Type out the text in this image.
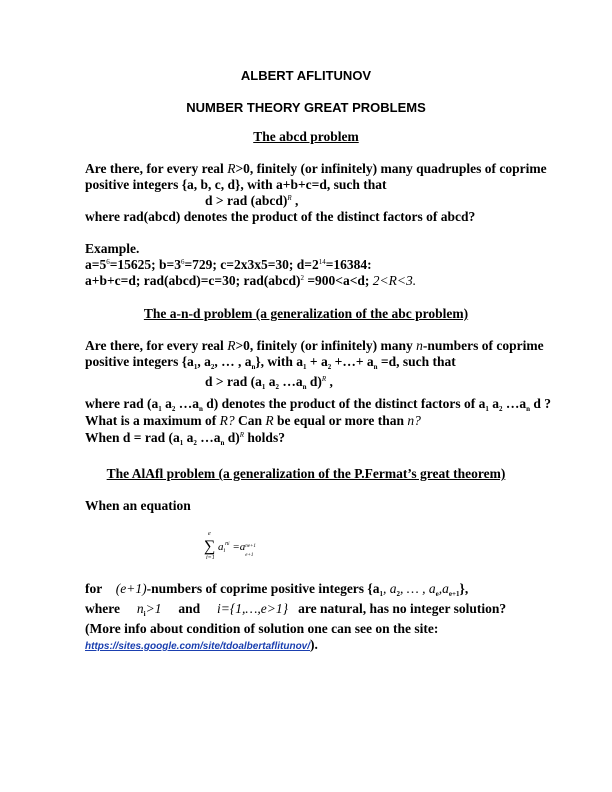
ALBERT AFLITUNOV
NUMBER THEORY GREAT PROBLEMS
The abcd problem
Are there, for every real R>0, finitely (or infinitely) many quadruples of coprime
positive integers {a, b, c, d}, with a+b+c=d, such that
d > rad (abcd)$^R$ ,
where rad(abcd) denotes the product of the distinct factors of abcd?
Example.
$a=5^6=15625$; $b=3^6=729$; c=2x3x5=30; $d=2^{14}=16384$:
a+b+c=d; rad(abcd)=c=30; rad(abcd)$^2$ =900<a<d; 2<R<3.
The a-n-d problem (a generalization of the abc problem)
Are there, for every real R>0, finitely (or infinitely) many n-numbers of coprime
positive integers {$a_1$, $a_2$, … , $a_n$}, with $a_1 + a_2$ +…+ $a_n =d$, such that
d > rad ($a_1$ $a_2$ $\dots a_n$ d)$^R$ ,
where rad ($a_1$ $a_2$ $\dots a_n$ d) denotes the product of the distinct factors of $a_1$ $a_2$ $\dots a_n$ d ?
What is a maximum of R? Can R be equal or more than n?
When d = rad ($a_1$ $a_2$ $\dots a_n$ d)$^R$ holds?
The AlAfl problem (a generalization of the P.Fermat’s great theorem)
When an equation
e
∑
i=1
$ai^{ni} =a$ ne+1
e+1
for (e+1)-numbers of coprime positive integers {$a_1$, $a_2$, … , $a_e,a_{e+1}$},
where $n_i>1$ and i={1,…,e>1} are natural, has no integer solution?
(More info about condition of solution one can see on the site:
https://sites.google.com/site/tdoalbertaflitunov/).
